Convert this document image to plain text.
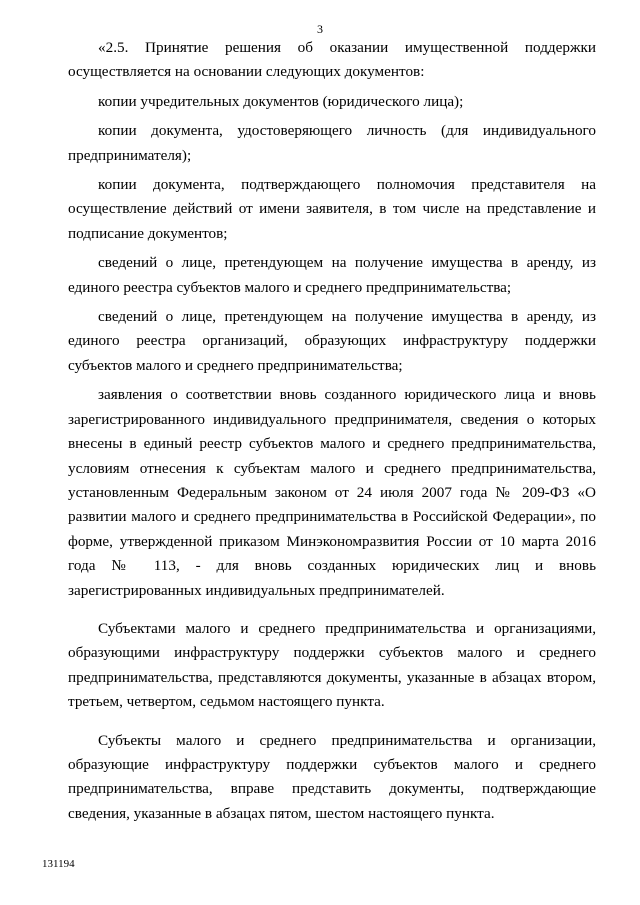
3

«2.5. Принятие решения об оказании имущественной поддержки осуществляется на основании следующих документов:

копии учредительных документов (юридического лица);

копии документа, удостоверяющего личность (для индивидуального предпринимателя);

копии документа, подтверждающего полномочия представителя на осуществление действий от имени заявителя, в том числе на представление и подписание документов;

сведений о лице, претендующем на получение имущества в аренду, из единого реестра субъектов малого и среднего предпринимательства;

сведений о лице, претендующем на получение имущества в аренду, из единого реестра организаций, образующих инфраструктуру поддержки субъектов малого и среднего предпринимательства;

заявления о соответствии вновь созданного юридического лица и вновь зарегистрированного индивидуального предпринимателя, сведения о которых внесены в единый реестр субъектов малого и среднего предпринимательства, условиям отнесения к субъектам малого и среднего предпринимательства, установленным Федеральным законом от 24 июля 2007 года № 209-ФЗ «О развитии малого и среднего предпринимательства в Российской Федерации», по форме, утвержденной приказом Минэкономразвития России от 10 марта 2016 года № 113, - для вновь созданных юридических лиц и вновь зарегистрированных индивидуальных предпринимателей.

Субъектами малого и среднего предпринимательства и организациями, образующими инфраструктуру поддержки субъектов малого и среднего предпринимательства, представляются документы, указанные в абзацах втором, третьем, четвертом, седьмом настоящего пункта.

Субъекты малого и среднего предпринимательства и организации, образующие инфраструктуру поддержки субъектов малого и среднего предпринимательства, вправе представить документы, подтверждающие сведения, указанные в абзацах пятом, шестом настоящего пункта.

131194
